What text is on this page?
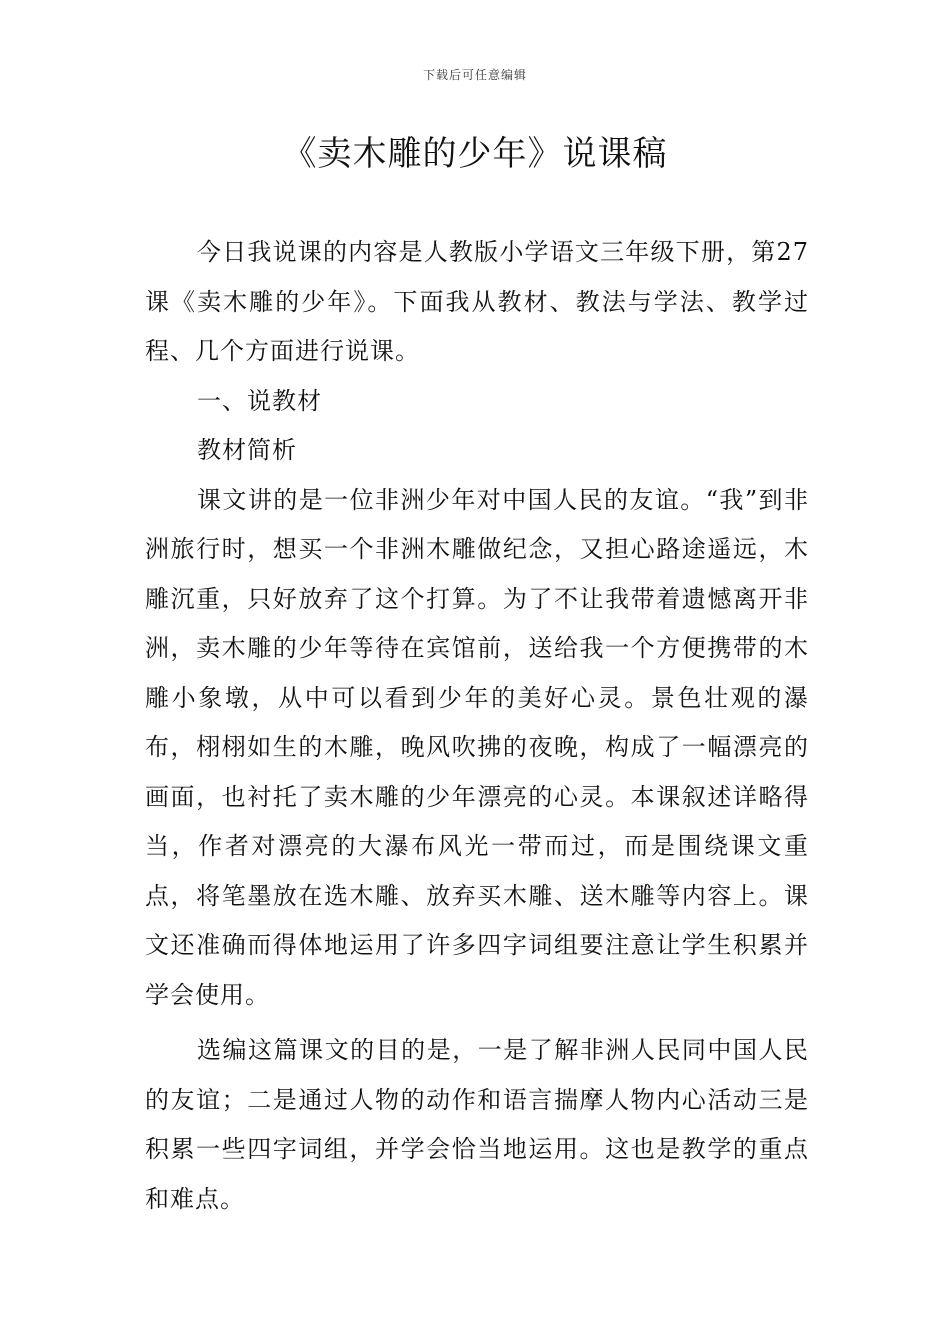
下载后可任意编辑
《卖木雕的少年》说课稿

今日我说课的内容是人教版小学语文三年级下册，第27课《卖木雕的少年》。下面我从教材、教法与学法、教学过程、几个方面进行说课。

一、说教材

教材简析

课文讲的是一位非洲少年对中国人民的友谊。“我”到非洲旅行时，想买一个非洲木雕做纪念，又担心路途遥远，木雕沉重，只好放弃了这个打算。为了不让我带着遗憾离开非洲，卖木雕的少年等待在宾馆前，送给我一个方便携带的木雕小象墩，从中可以看到少年的美好心灵。景色壮观的瀑布，栩栩如生的木雕，晚风吹拂的夜晚，构成了一幅漂亮的画面，也衬托了卖木雕的少年漂亮的心灵。本课叙述详略得当，作者对漂亮的大瀑布风光一带而过，而是围绕课文重点，将笔墨放在选木雕、放弃买木雕、送木雕等内容上。课文还准确而得体地运用了许多四字词组要注意让学生积累并学会使用。

选编这篇课文的目的是，一是了解非洲人民同中国人民的友谊；二是通过人物的动作和语言揣摩人物内心活动三是积累一些四字词组，并学会恰当地运用。这也是教学的重点和难点。
